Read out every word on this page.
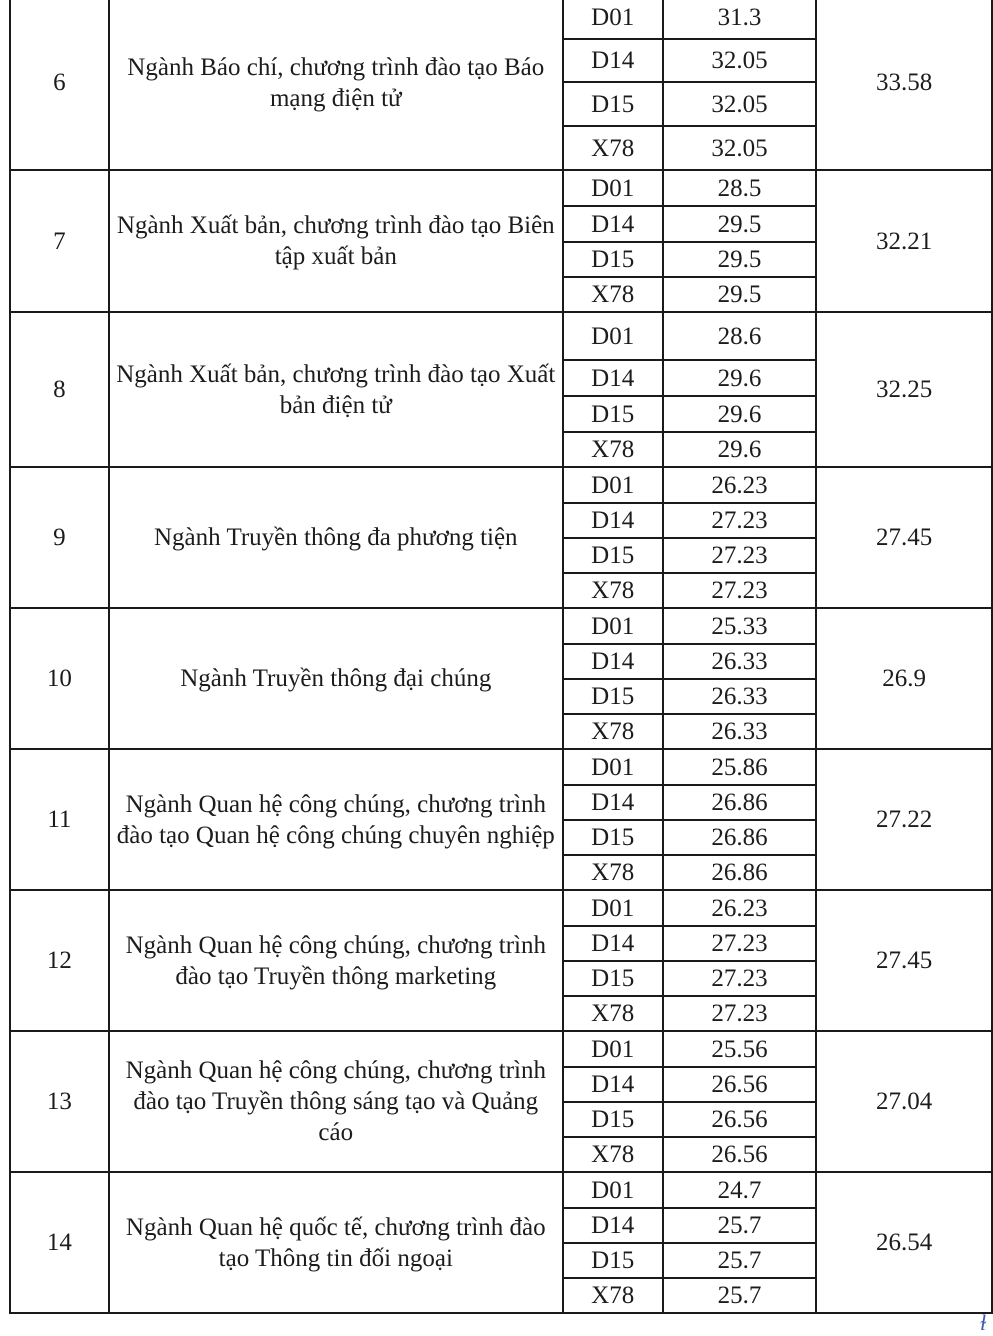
6	Ngành Báo chí, chương trình đào tạo Báo mạng điện tử	D01	31.3	33.58
		D14	32.05	
		D15	32.05	
		X78	32.05	
7	Ngành Xuất bản, chương trình đào tạo Biên tập xuất bản	D01	28.5	32.21
		D14	29.5	
		D15	29.5	
		X78	29.5	
8	Ngành Xuất bản, chương trình đào tạo Xuất bản điện tử	D01	28.6	32.25
		D14	29.6	
		D15	29.6	
		X78	29.6	
9	Ngành Truyền thông đa phương tiện	D01	26.23	27.45
		D14	27.23	
		D15	27.23	
		X78	27.23	
10	Ngành Truyền thông đại chúng	D01	25.33	26.9
		D14	26.33	
		D15	26.33	
		X78	26.33	
11	Ngành Quan hệ công chúng, chương trình đào tạo Quan hệ công chúng chuyên nghiệp	D01	25.86	27.22
		D14	26.86	
		D15	26.86	
		X78	26.86	
12	Ngành Quan hệ công chúng, chương trình đào tạo Truyền thông marketing	D01	26.23	27.45
		D14	27.23	
		D15	27.23	
		X78	27.23	
13	Ngành Quan hệ công chúng, chương trình đào tạo Truyền thông sáng tạo và Quảng cáo	D01	25.56	27.04
		D14	26.56	
		D15	26.56	
		X78	26.56	
14	Ngành Quan hệ quốc tế, chương trình đào tạo Thông tin đối ngoại	D01	24.7	26.54
		D14	25.7	
		D15	25.7	
		X78	25.7	
ɫ
